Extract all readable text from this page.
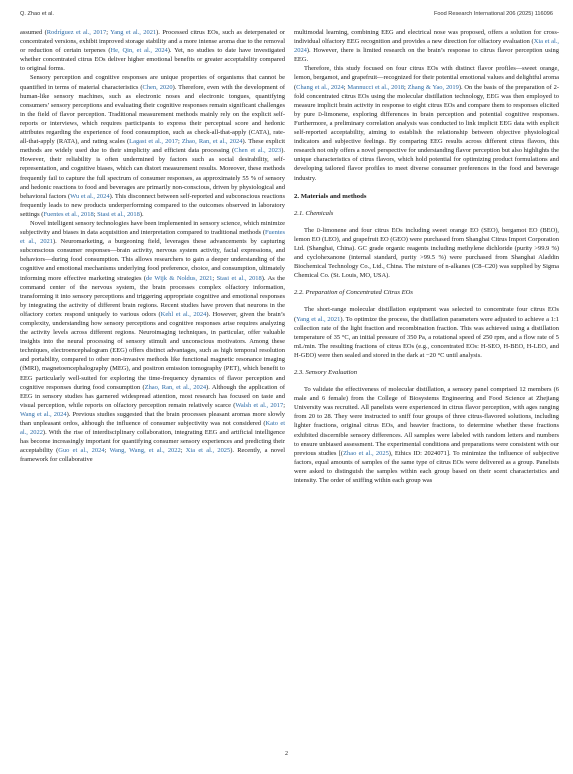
Q. Zhao et al.	Food Research International 206 (2025) 116096

assumed (Rodríguez et al., 2017; Yang et al., 2021). Processed citrus EOs, such as deterpenated or concentrated versions, exhibit improved storage stability and a more intense aroma due to the removal or reduction of certain terpenes (He, Qin, et al., 2024). Yet, no studies to date have investigated whether concentrated citrus EOs deliver higher emotional benefits or greater acceptability compared to original forms.

Sensory perception and cognitive responses are unique properties of organisms that cannot be quantified in terms of material characteristics (Chen, 2020). Therefore, even with the development of human-like sensory machines, such as electronic noses and electronic tongues, quantifying consumers’ sensory perceptions and evaluating their cognitive responses remain significant challenges in the field of flavor perception. Traditional measurement methods mainly rely on the explicit self-reports or interviews, which requires participants to express their perceptual score and hedonic attributes regarding the experience of food consumption, such as check-all-that-apply (CATA), rate-all-that-apply (RATA), and rating scales (Lagast et al., 2017; Zhao, Ran, et al., 2024). These explicit methods are widely used due to their simplicity and efficient data processing (Chen et al., 2023). However, their reliability is often undermined by factors such as social desirability, self-representation, and cognitive biases, which can distort measurement results. Moreover, these methods frequently fail to capture the full spectrum of consumer responses, as approximately 55 % of sensory and hedonic reactions to food and beverages are primarily non-conscious, driven by physiological and behavioral factors (Wu et al., 2024). This disconnect between self-reported and subconscious reactions frequently leads to new products underperforming compared to the outcomes observed in laboratory settings (Fuentes et al., 2018; Stasi et al., 2018).

Novel intelligent sensory technologies have been implemented in sensory science, which minimize subjectivity and biases in data acquisition and interpretation compared to traditional methods (Fuentes et al., 2021). Neuromarketing, a burgeoning field, leverages these advancements by capturing subconscious consumer responses—brain activity, nervous system activity, facial expressions, and behaviors—during food consumption. This allows researchers to gain a deeper understanding of the cognitive and emotional mechanisms underlying food preference, choice, and consumption, ultimately informing more effective marketing strategies (de Wijk & Noldus, 2021; Stasi et al., 2018). As the command center of the nervous system, the brain processes complex olfactory information, transforming it into sensory perceptions and triggering appropriate cognitive and emotional responses by integrating the activity of different brain regions. Recent studies have proven that neurons in the olfactory cortex respond uniquely to various odors (Kehl et al., 2024). However, given the brain’s complexity, understanding how sensory perceptions and cognitive responses arise requires analyzing the activity levels across different regions. Neuroimaging techniques, in particular, offer valuable insights into the neural processing of sensory stimuli and unconscious motivators. Among these techniques, electroencephalogram (EEG) offers distinct advantages, such as high temporal resolution and portability, compared to other non-invasive methods like functional magnetic resonance imaging (fMRI), magnetoencephalography (MEG), and positron emission tomography (PET), which benefit to EEG particularly well-suited for exploring the time-frequency dynamics of flavor perception and cognitive responses during food consumption (Zhao, Ran, et al., 2024). Although the application of EEG in sensory studies has garnered widespread attention, most research has focused on taste and visual perception, while reports on olfactory perception remain relatively scarce (Walsh et al., 2017; Wang et al., 2024). Previous studies suggested that the brain processes pleasant aromas more slowly than unpleasant ordos, although the influence of consumer subjectivity was not considered (Kato et al., 2022). With the rise of interdisciplinary collaboration, integrating EEG and artificial intelligence has become increasingly important for quantifying consumer sensory experiences and predicting their acceptability (Guo et al., 2024; Wang, Wang, et al., 2022; Xia et al., 2025). Recently, a novel framework for collaborative

multimodal learning, combining EEG and electrical nose was proposed, offers a solution for cross-individual olfactory EEG recognition and provides a new direction for olfactory evaluation (Xia et al., 2024). However, there is limited research on the brain’s response to citrus flavor perception using EEG.

Therefore, this study focused on four citrus EOs with distinct flavor profiles—sweet orange, lemon, bergamot, and grapefruit—recognized for their potential emotional values and delightful aroma (Chang et al., 2024; Mannucci et al., 2018; Zhang & Yao, 2019). On the basis of the preparation of 2-fold concentrated citrus EOs using the molecular distillation technology, EEG was then employed to measure implicit brain activity in response to eight citrus EOs and compare them to responses elicited by pure d-limonene, exploring differences in brain perception and potential cognitive responses. Furthermore, a preliminary correlation analysis was conducted to link implicit EEG data with explicit self-reported acceptability, aiming to establish the relationship between objective physiological indicators and subjective feelings. By comparing EEG results across different citrus flavors, this research not only offers a novel perspective for understanding flavor perception but also highlights the unique characteristics of citrus flavors, which hold potential for optimizing product formulations and developing tailored flavor profiles to meet diverse consumer preferences in the food and beverage industry.

2. Materials and methods
2.1. Chemicals

The d-limonene and four citrus EOs including sweet orange EO (SEO), bergamot EO (BEO), lemon EO (LEO), and grapefruit EO (GEO) were purchased from Shanghai Citrus Import Corporation Ltd. (Shanghai, China). GC grade organic reagents including methylene dichloride (purity >99.9 %) and cyclohexanone (internal standard, purity >99.5 %) were purchased from Shanghai Aladdin Biochemical Technology Co., Ltd., China. The mixture of n-alkanes (C8–C20) was supplied by Sigma Chemical Co. (St. Louis, MO, USA).

2.2. Preparation of Concentrated Citrus EOs

The short-range molecular distillation equipment was selected to concentrate four citrus EOs (Yang et al., 2021). To optimize the process, the distillation parameters were adjusted to achieve a 1:1 collection rate of the light fraction and recombination fraction. This was achieved using a distillation temperature of 35 °C, an initial pressure of 350 Pa, a rotational speed of 250 rpm, and a flow rate of 5 mL/min. The resulting fractions of citrus EOs (e.g., concentrated EOs: H-SEO, H-BEO, H-LEO, and H-GEO) were then sealed and stored in the dark at −20 °C until analysis.

2.3. Sensory Evaluation

To validate the effectiveness of molecular distillation, a sensory panel comprised 12 members (6 male and 6 female) from the College of Biosystems Engineering and Food Science at Zhejiang University was recruited. All panelists were experienced in citrus flavor perception, with ages ranging from 20 to 28. They were instructed to sniff four groups of three citrus-flavored solutions, including lighter fractions, original citrus EOs, and heavier fractions, to determine whether these fractions exhibited discernible sensory differences. All samples were labeled with random letters and numbers to ensure unbiased assessment. The experimental conditions and preparations were consistent with our previous studies [(Zhao et al., 2025), Ethics ID: 2024071]. To minimize the influence of subjective factors, equal amounts of samples of the same type of citrus EOs were delivered as a group. Panelists were asked to distinguish the samples within each group based on their scent characteristics and intensity. The order of sniffing within each group was

2
